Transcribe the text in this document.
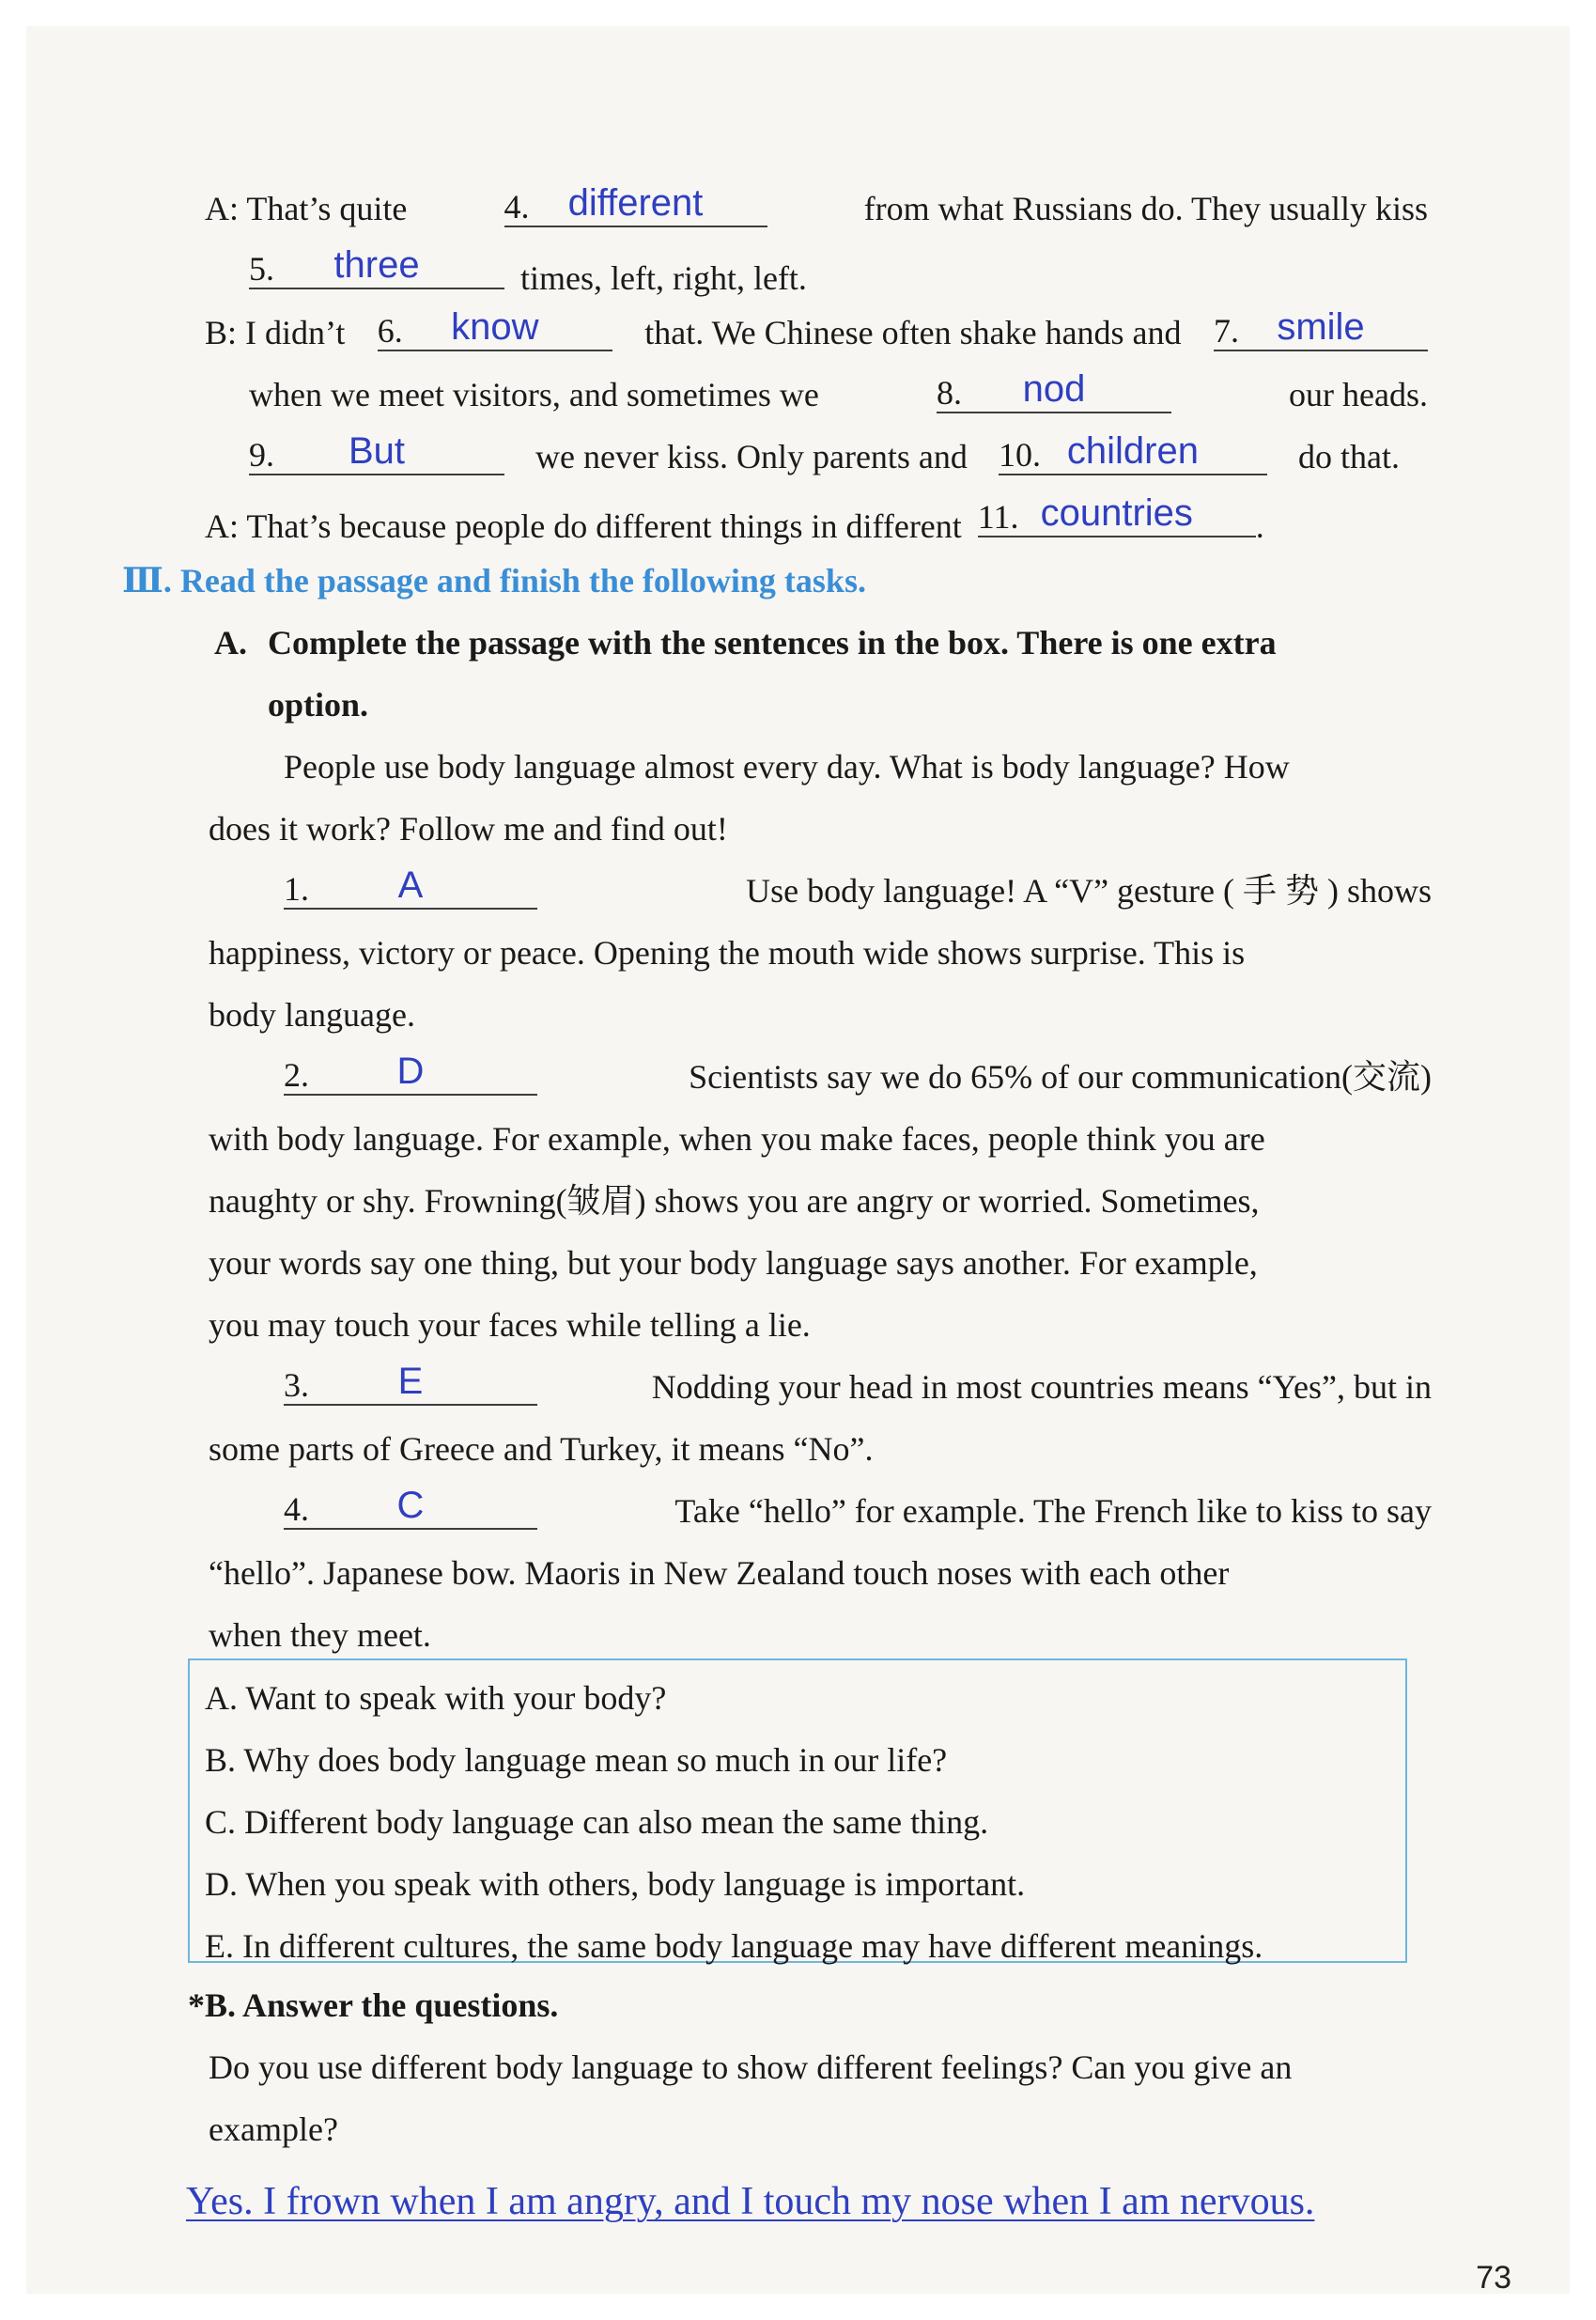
A: That’s quite	4.	different	from what Russians do. They usually kiss
5.	three	times, left, right, left.
B: I didn’t 6.	know	that. We Chinese often shake hands and 7.	smile
when we meet visitors, and sometimes we	8.	nod	our heads.
9.	But	we never kiss. Only parents and 10. children	do that.
A: That’s because people do different things in different 11. countries	.
Ⅲ. Read the passage and finish the following tasks.
A. Complete the passage with the sentences in the box. There is one extra
option.
People use body language almost every day. What is body language? How
does it work? Follow me and find out!
1.	A	Use body language! A “V” gesture ( 手 势 ) shows
happiness, victory or peace. Opening the mouth wide shows surprise. This is
body language.
2.	D	Scientists say we do 65% of our communication(交流)
with body language. For example, when you make faces, people think you are
naughty or shy. Frowning(皱眉) shows you are angry or worried. Sometimes,
your words say one thing, but your body language says another. For example,
you may touch your faces while telling a lie.
3.	E	Nodding your head in most countries means “Yes”, but in
some parts of Greece and Turkey, it means “No”.
4.	C	Take “hello” for example. The French like to kiss to say
“hello”. Japanese bow. Maoris in New Zealand touch noses with each other
when they meet.
A. Want to speak with your body?
B. Why does body language mean so much in our life?
C. Different body language can also mean the same thing.
D. When you speak with others, body language is important.
E. In different cultures, the same body language may have different meanings.
*B. Answer the questions.
Do you use different body language to show different feelings? Can you give an
example?
Yes. I frown when I am angry, and I touch my nose when I am nervous.
73
